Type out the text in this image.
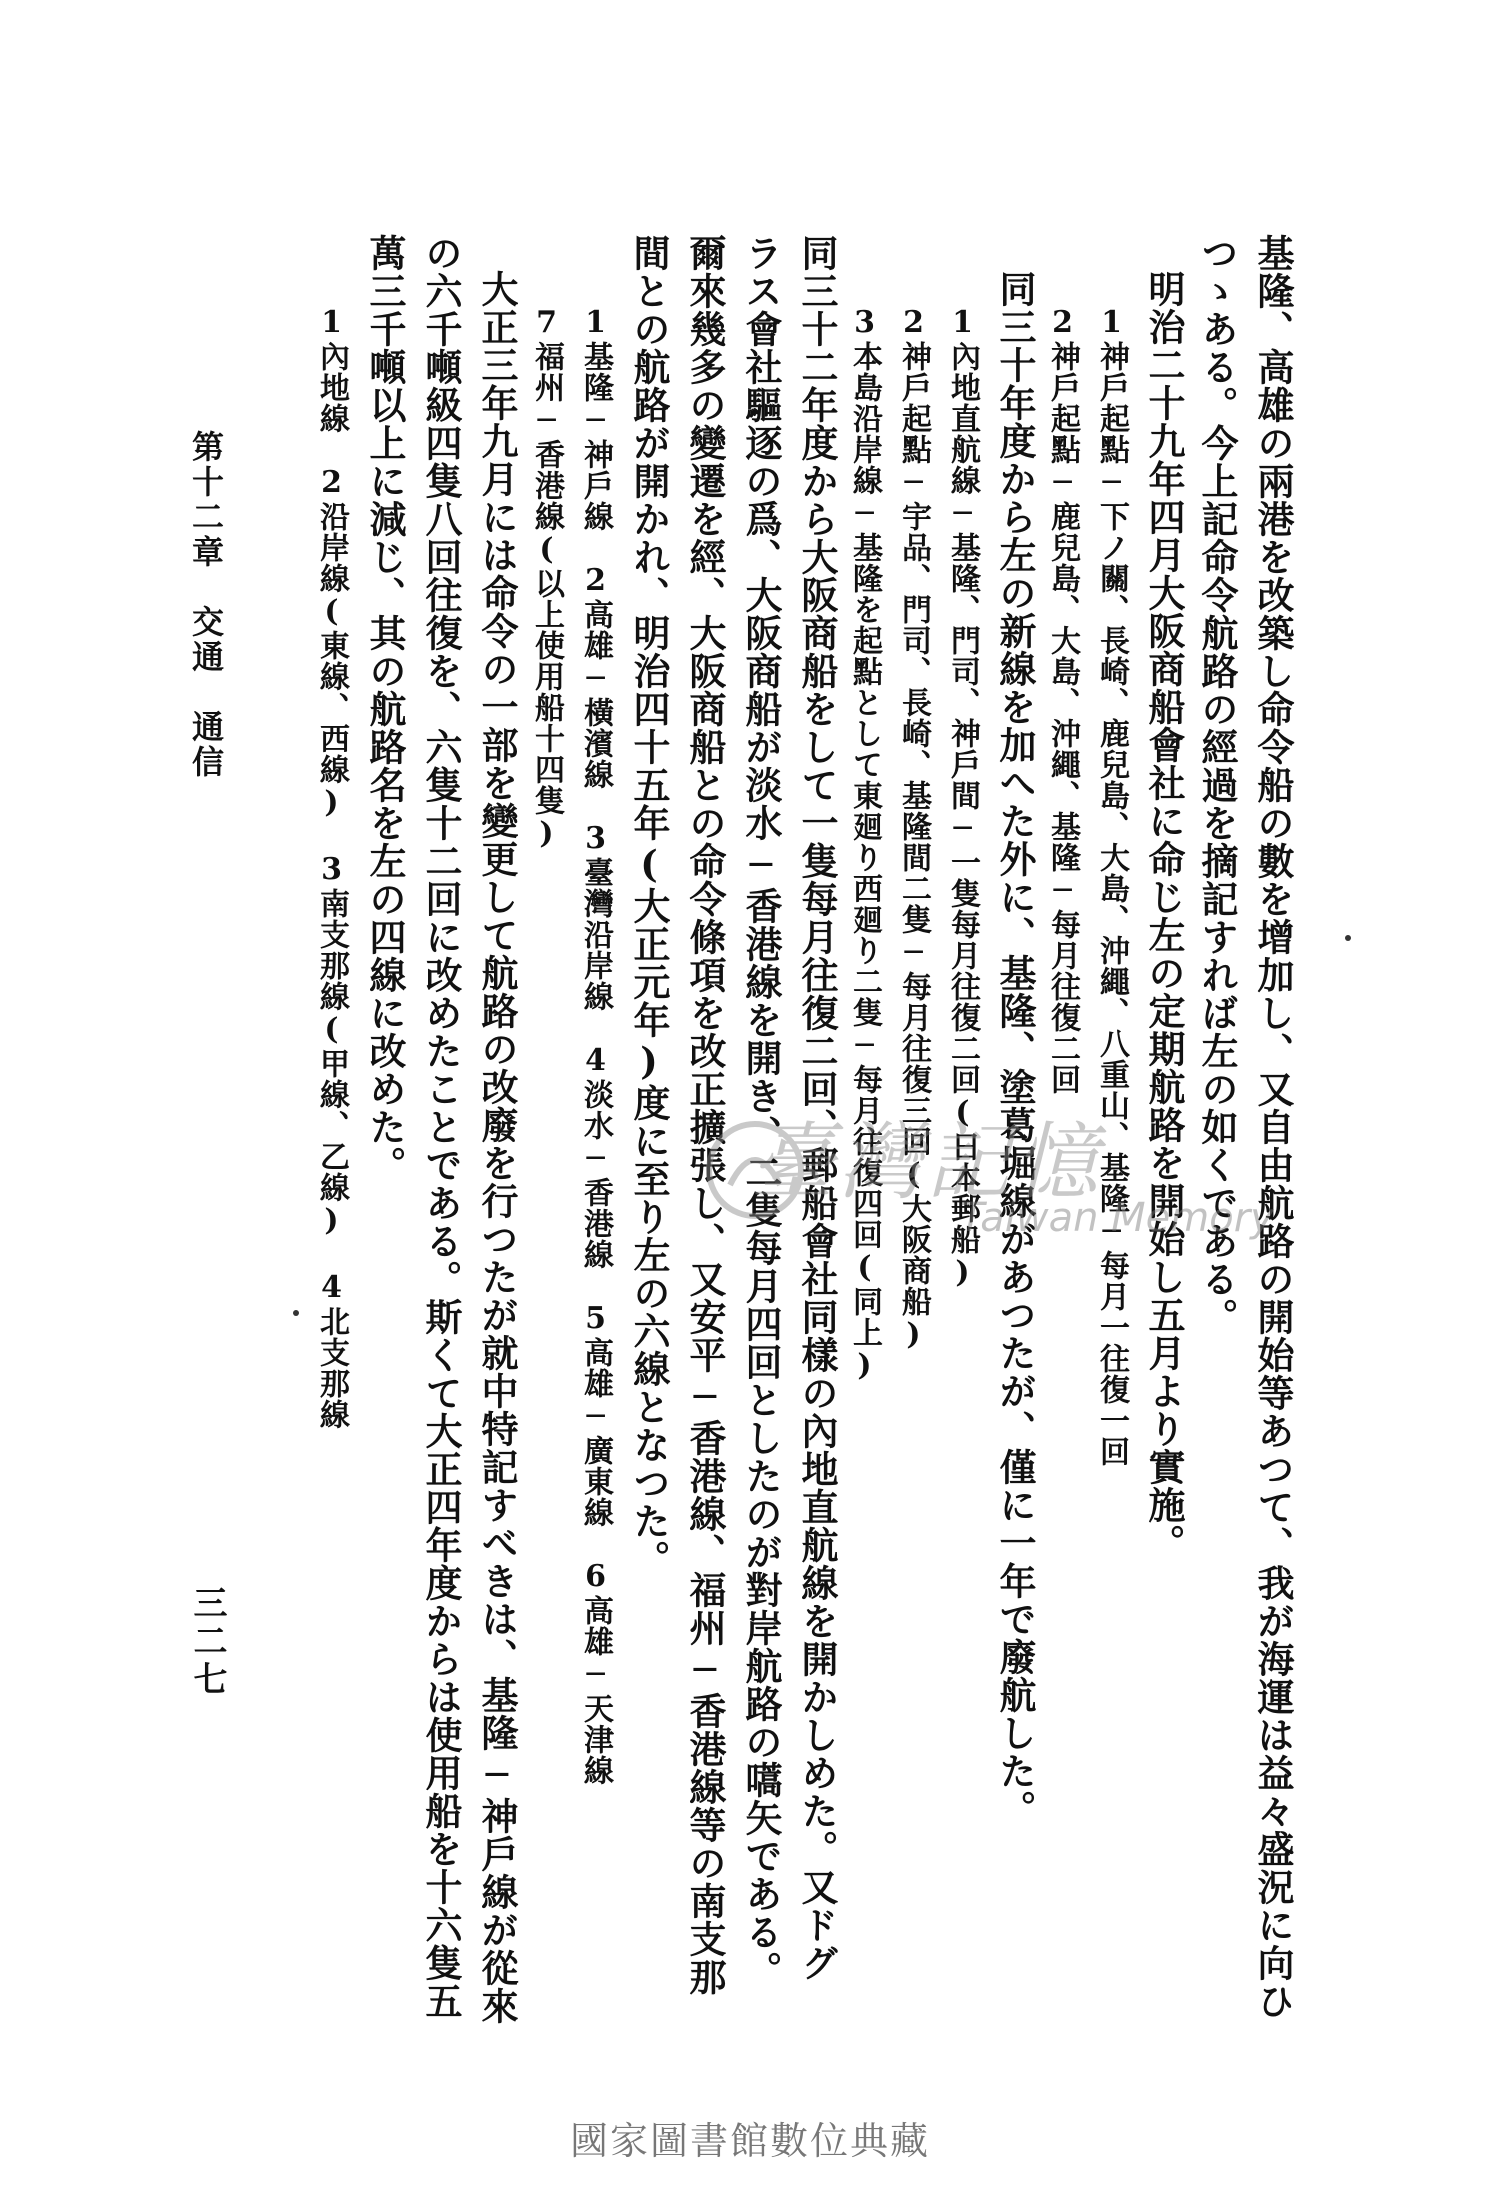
基隆、高雄の兩港を改築し命令船の數を增加し、又自由航路の開始等あつて、我が海運は益々盛況に向ひ
つゝある。今上記命令航路の經過を摘記すれば左の如くである。
明治二十九年四月大阪商船會社に命じ左の定期航路を開始し五月より實施。
1神戶起點─下ノ關、長崎、鹿兒島、大島、沖繩、八重山、基隆─每月一往復一回
2神戶起點─鹿兒島、大島、沖繩、基隆─每月往復二回
同三十年度から左の新線を加へた外に、基隆、塗葛堀線があつたが、僅に一年で廢航した。
1內地直航線─基隆、門司、神戶間─一隻每月往復二回(日本郵船)
2神戶起點─宇品、門司、長崎、基隆間二隻─每月往復三回(大阪商船)
3本島沿岸線─基隆を起點として東廻り西廻り二隻─每月往復四回(同上)
同三十二年度から大阪商船をして一隻每月往復二回、郵船會社同樣の內地直航線を開かしめた。又ドグ
ラス會社驅逐の爲、大阪商船が淡水─香港線を開き、二隻每月四回としたのが對岸航路の嚆矢である。
爾來幾多の變遷を經、大阪商船との命令條項を改正擴張し、又安平─香港線、福州─香港線等の南支那
間との航路が開かれ、明治四十五年(大正元年)度に至り左の六線となつた。
1基隆─神戶線　2高雄─橫濱線　3臺灣沿岸線　4淡水─香港線　5高雄─廣東線　6高雄─天津線
7福州─香港線(以上使用船十四隻)
大正三年九月には命令の一部を變更して航路の改廢を行つたが就中特記すべきは、基隆─神戶線が從來
の六千噸級四隻八回往復を、六隻十二回に改めたことである。斯くて大正四年度からは使用船を十六隻五
萬三千噸以上に減じ、其の航路名を左の四線に改めた。
1內地線　2沿岸線(東線、西線)　3南支那線(甲線、乙線)　4北支那線
第十二章　交通　通信
三二七
臺灣記憶
Taiwan Memory
國家圖書館數位典藏
